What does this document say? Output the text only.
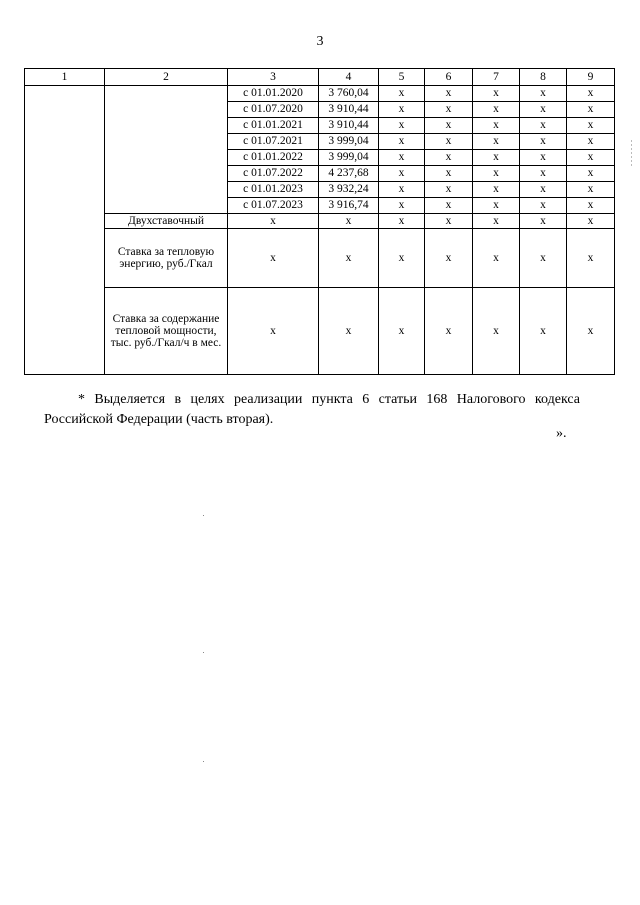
3
1	2	3	4	5	6	7	8	9
		с 01.01.2020	3 760,04	x	x	x	x	x
		с 01.07.2020	3 910,44	x	x	x	x	x
		с 01.01.2021	3 910,44	x	x	x	x	x
		с 01.07.2021	3 999,04	x	x	x	x	x
		с 01.01.2022	3 999,04	x	x	x	x	x
		с 01.07.2022	4 237,68	x	x	x	x	x
		с 01.01.2023	3 932,24	x	x	x	x	x
		с 01.07.2023	3 916,74	x	x	x	x	x
	Двухставочный	x	x	x	x	x	x	x
	Ставка за тепловую энергию, руб./Гкал	x	x	x	x	x	x	x
	Ставка за содержание тепловой мощности, тыс. руб./Гкал/ч в мес.	x	x	x	x	x	x	x
* Выделяется в целях реализации пункта 6 статьи 168 Налогового кодекса Российской Федерации (часть вторая).
».
